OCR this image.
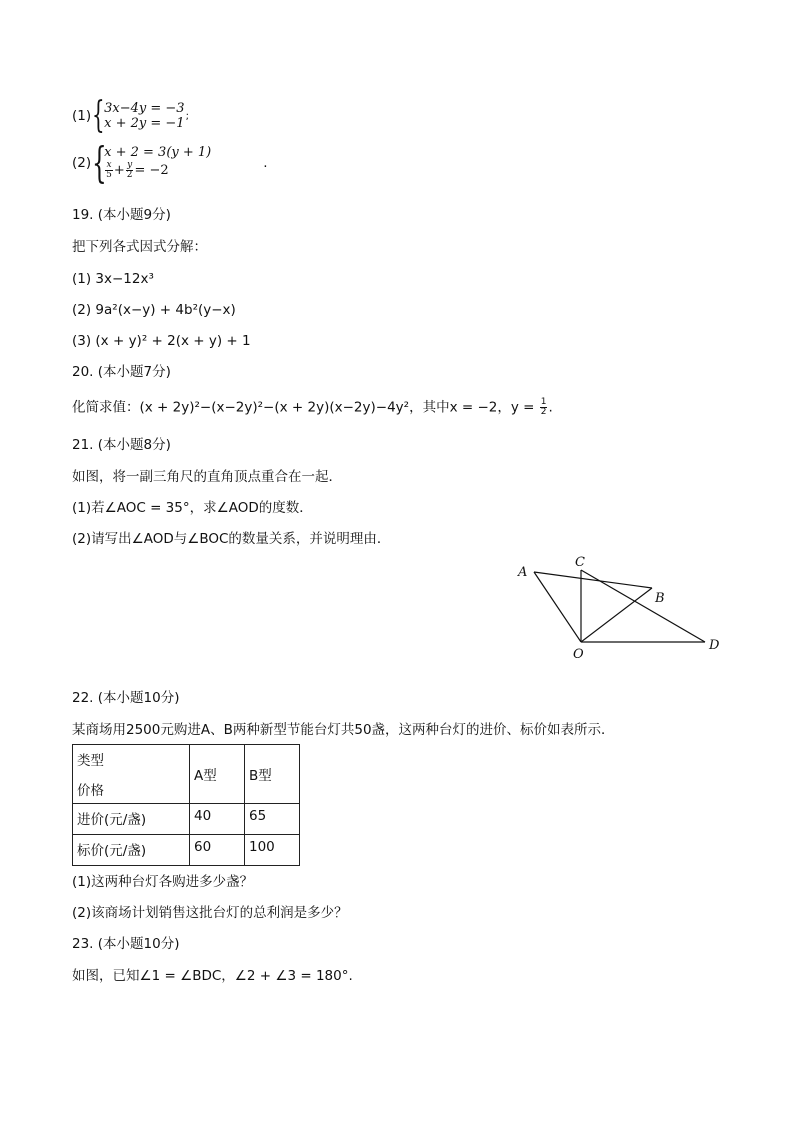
(1) { 3x−4y = −3
x + 2y = −1 ;
(2) {
x + 2 = 3(y + 1)
$\frac{x}{5} + \frac{y}{2} = -2$	.
19. (本小题9分)
把下列各式因式分解：
(1) 3x−12x³
(2) 9a²(x−y) + 4b²(y−x)
(3) (x + y)² + 2(x + y) + 1
20. (本小题7分)
化简求值：(x + 2y)²−(x−2y)²−(x + 2y)(x−2y)−4y²，其中x = −2，$y = \frac{1}{2}$ .
21. (本小题8分)
如图，将一副三角尺的直角顶点重合在一起．
(1)若∠AOC = 35°，求∠AOD的度数．
(2)请写出∠AOD与∠BOC的数量关系，并说明理由．
A
C
B
O
D
22. (本小题10分)
某商场用2500元购进A、B两种新型节能台灯共50盏，这两种台灯的进价、标价如表所示．
类型
价格	A型	B型
进价(元/盏)	40	65
标价(元/盏)	60	100
(1)这两种台灯各购进多少盏？
(2)该商场计划销售这批台灯的总利润是多少？
23. (本小题10分)
如图，已知∠1 = ∠BDC，∠2 + ∠3 = 180°.
